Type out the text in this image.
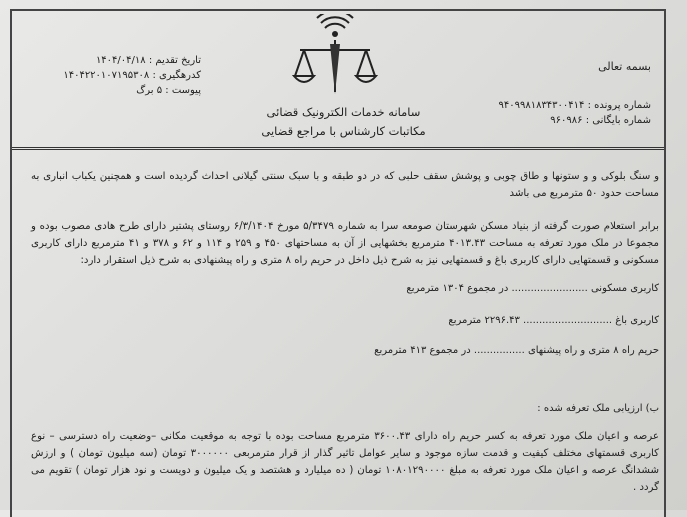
بسمه تعالی
شماره پرونده : ۹۴۰۹۹۸۱۸۳۴۳۰۰۴۱۴
شماره بایگانی : ۹۶۰۹۸۶
سامانه خدمات الکترونیک قضائی
مکاتبات کارشناس با مراجع قضایی
تاریخ تقدیم : ۱۴۰۴/۰۴/۱۸
کدرهگیری : ۱۴۰۴۲۲۰۱۰۷۱۹۵۳۰۸
پیوست : ۵ برگ
و سنگ بلوکی و و ستونها و طاق چوبی و پوشش سقف حلبی که در دو طبقه و با سبک سنتی گیلانی احداث گردیده است و همچنین یکباب انباری به مساحت حدود ۵۰ مترمربع می باشد
برابر استعلام صورت گرفته از بنیاد مسکن شهرستان صومعه سرا به شماره ۵/۳۴۷۹ مورخ ۶/۳/۱۴۰۴ روستای پشتیر دارای طرح هادی مصوب بوده و مجموعا در ملک مورد تعرفه به مساحت ۴۰۱۳.۴۳ مترمربع بخشهایی از آن به مساحتهای ۴۵۰ و ۲۵۹ و ۱۱۴ و ۶۲ و ۳۷۸ و ۴۱ مترمربع دارای کاربری مسکونی و قسمتهایی دارای کاربری باغ و قسمتهایی نیز به شرح ذیل داخل در حریم راه ۸ متری و راه پیشنهادی به شرح ذیل استقرار دارد:
کاربری مسکونی ........................ در مجموع ۱۳۰۴ مترمربع
کاربری باغ ............................ ۲۲۹۶.۴۳ مترمربع
حریم راه ۸ متری و راه پیشنهای ................ در مجموع ۴۱۳ مترمربع
ب) ارزیابی ملک تعرفه شده :
عرصه و اعیان ملک مورد تعرفه به کسر حریم راه دارای ۳۶۰۰.۴۳ مترمربع مساحت بوده با توجه به موقعیت مکانی –وضعیت راه دسترسی – نوع کاربری قسمتهای مختلف کیفیت و قدمت سازه موجود و سایر عوامل تاثیر گذار از قرار مترمربعی ۳۰۰۰۰۰۰ تومان (سه میلیون تومان ) و ارزش ششدانگ عرصه و اعیان ملک مورد تعرفه به مبلغ ۱۰۸۰۱۲۹۰۰۰۰ تومان ( ده میلیارد و هشتصد و یک میلیون و دویست و نود هزار تومان ) تقویم می گردد .
